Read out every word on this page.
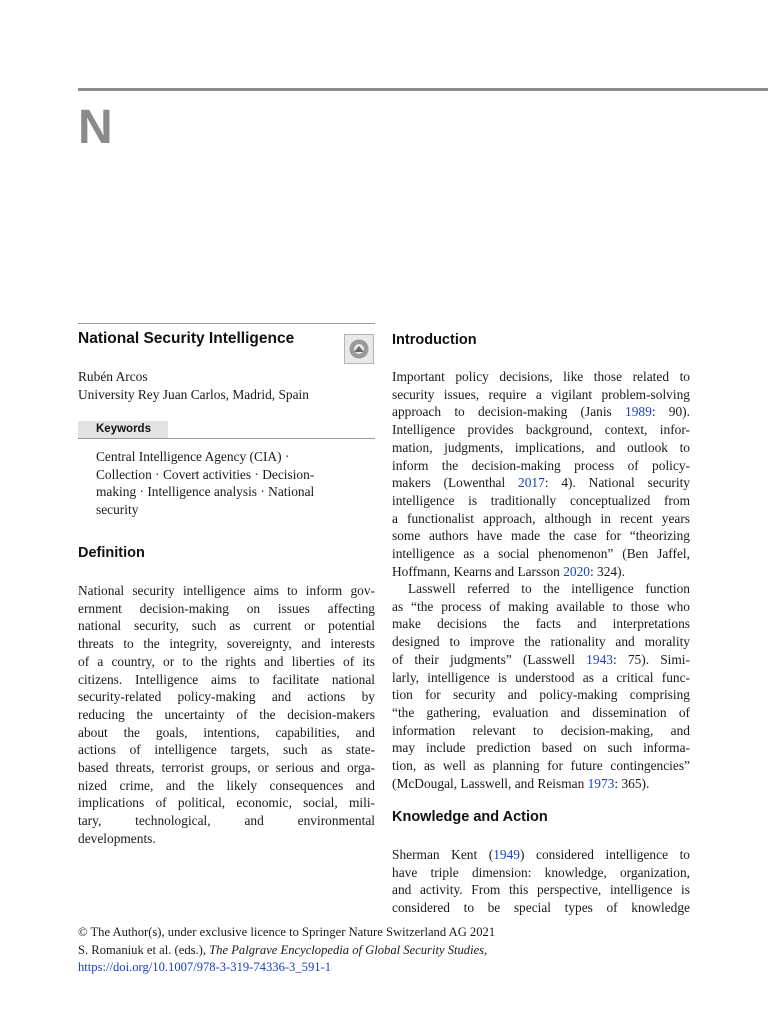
N
National Security Intelligence

Rubén Arcos
University Rey Juan Carlos, Madrid, Spain

Keywords
Central Intelligence Agency (CIA) ·
Collection · Covert activities · Decision-
making · Intelligence analysis · National
security
Definition
National security intelligence aims to inform gov-
ernment decision-making on issues affecting
national security, such as current or potential
threats to the integrity, sovereignty, and interests
of a country, or to the rights and liberties of its
citizens. Intelligence aims to facilitate national
security-related policy-making and actions by
reducing the uncertainty of the decision-makers
about the goals, intentions, capabilities, and
actions of intelligence targets, such as state-
based threats, terrorist groups, or serious and orga-
nized crime, and the likely consequences and
implications of political, economic, social, mili-
tary, technological, and environmental
developments.
Introduction
Important policy decisions, like those related to
security issues, require a vigilant problem-solving
approach to decision-making (Janis 1989: 90).
Intelligence provides background, context, infor-
mation, judgments, implications, and outlook to
inform the decision-making process of policy-
makers (Lowenthal 2017: 4). National security
intelligence is traditionally conceptualized from
a functionalist approach, although in recent years
some authors have made the case for “theorizing
intelligence as a social phenomenon” (Ben Jaffel,
Hoffmann, Kearns and Larsson 2020: 324).
Lasswell referred to the intelligence function
as “the process of making available to those who
make decisions the facts and interpretations
designed to improve the rationality and morality
of their judgments” (Lasswell 1943: 75). Simi-
larly, intelligence is understood as a critical func-
tion for security and policy-making comprising
“the gathering, evaluation and dissemination of
information relevant to decision-making, and
may include prediction based on such informa-
tion, as well as planning for future contingencies”
(McDougal, Lasswell, and Reisman 1973: 365).
Knowledge and Action
Sherman Kent (1949) considered intelligence to
have triple dimension: knowledge, organization,
and activity. From this perspective, intelligence is
considered to be special types of knowledge

© The Author(s), under exclusive licence to Springer Nature Switzerland AG 2021
S. Romaniuk et al. (eds.), The Palgrave Encyclopedia of Global Security Studies,
https://doi.org/10.1007/978-3-319-74336-3_591-1
